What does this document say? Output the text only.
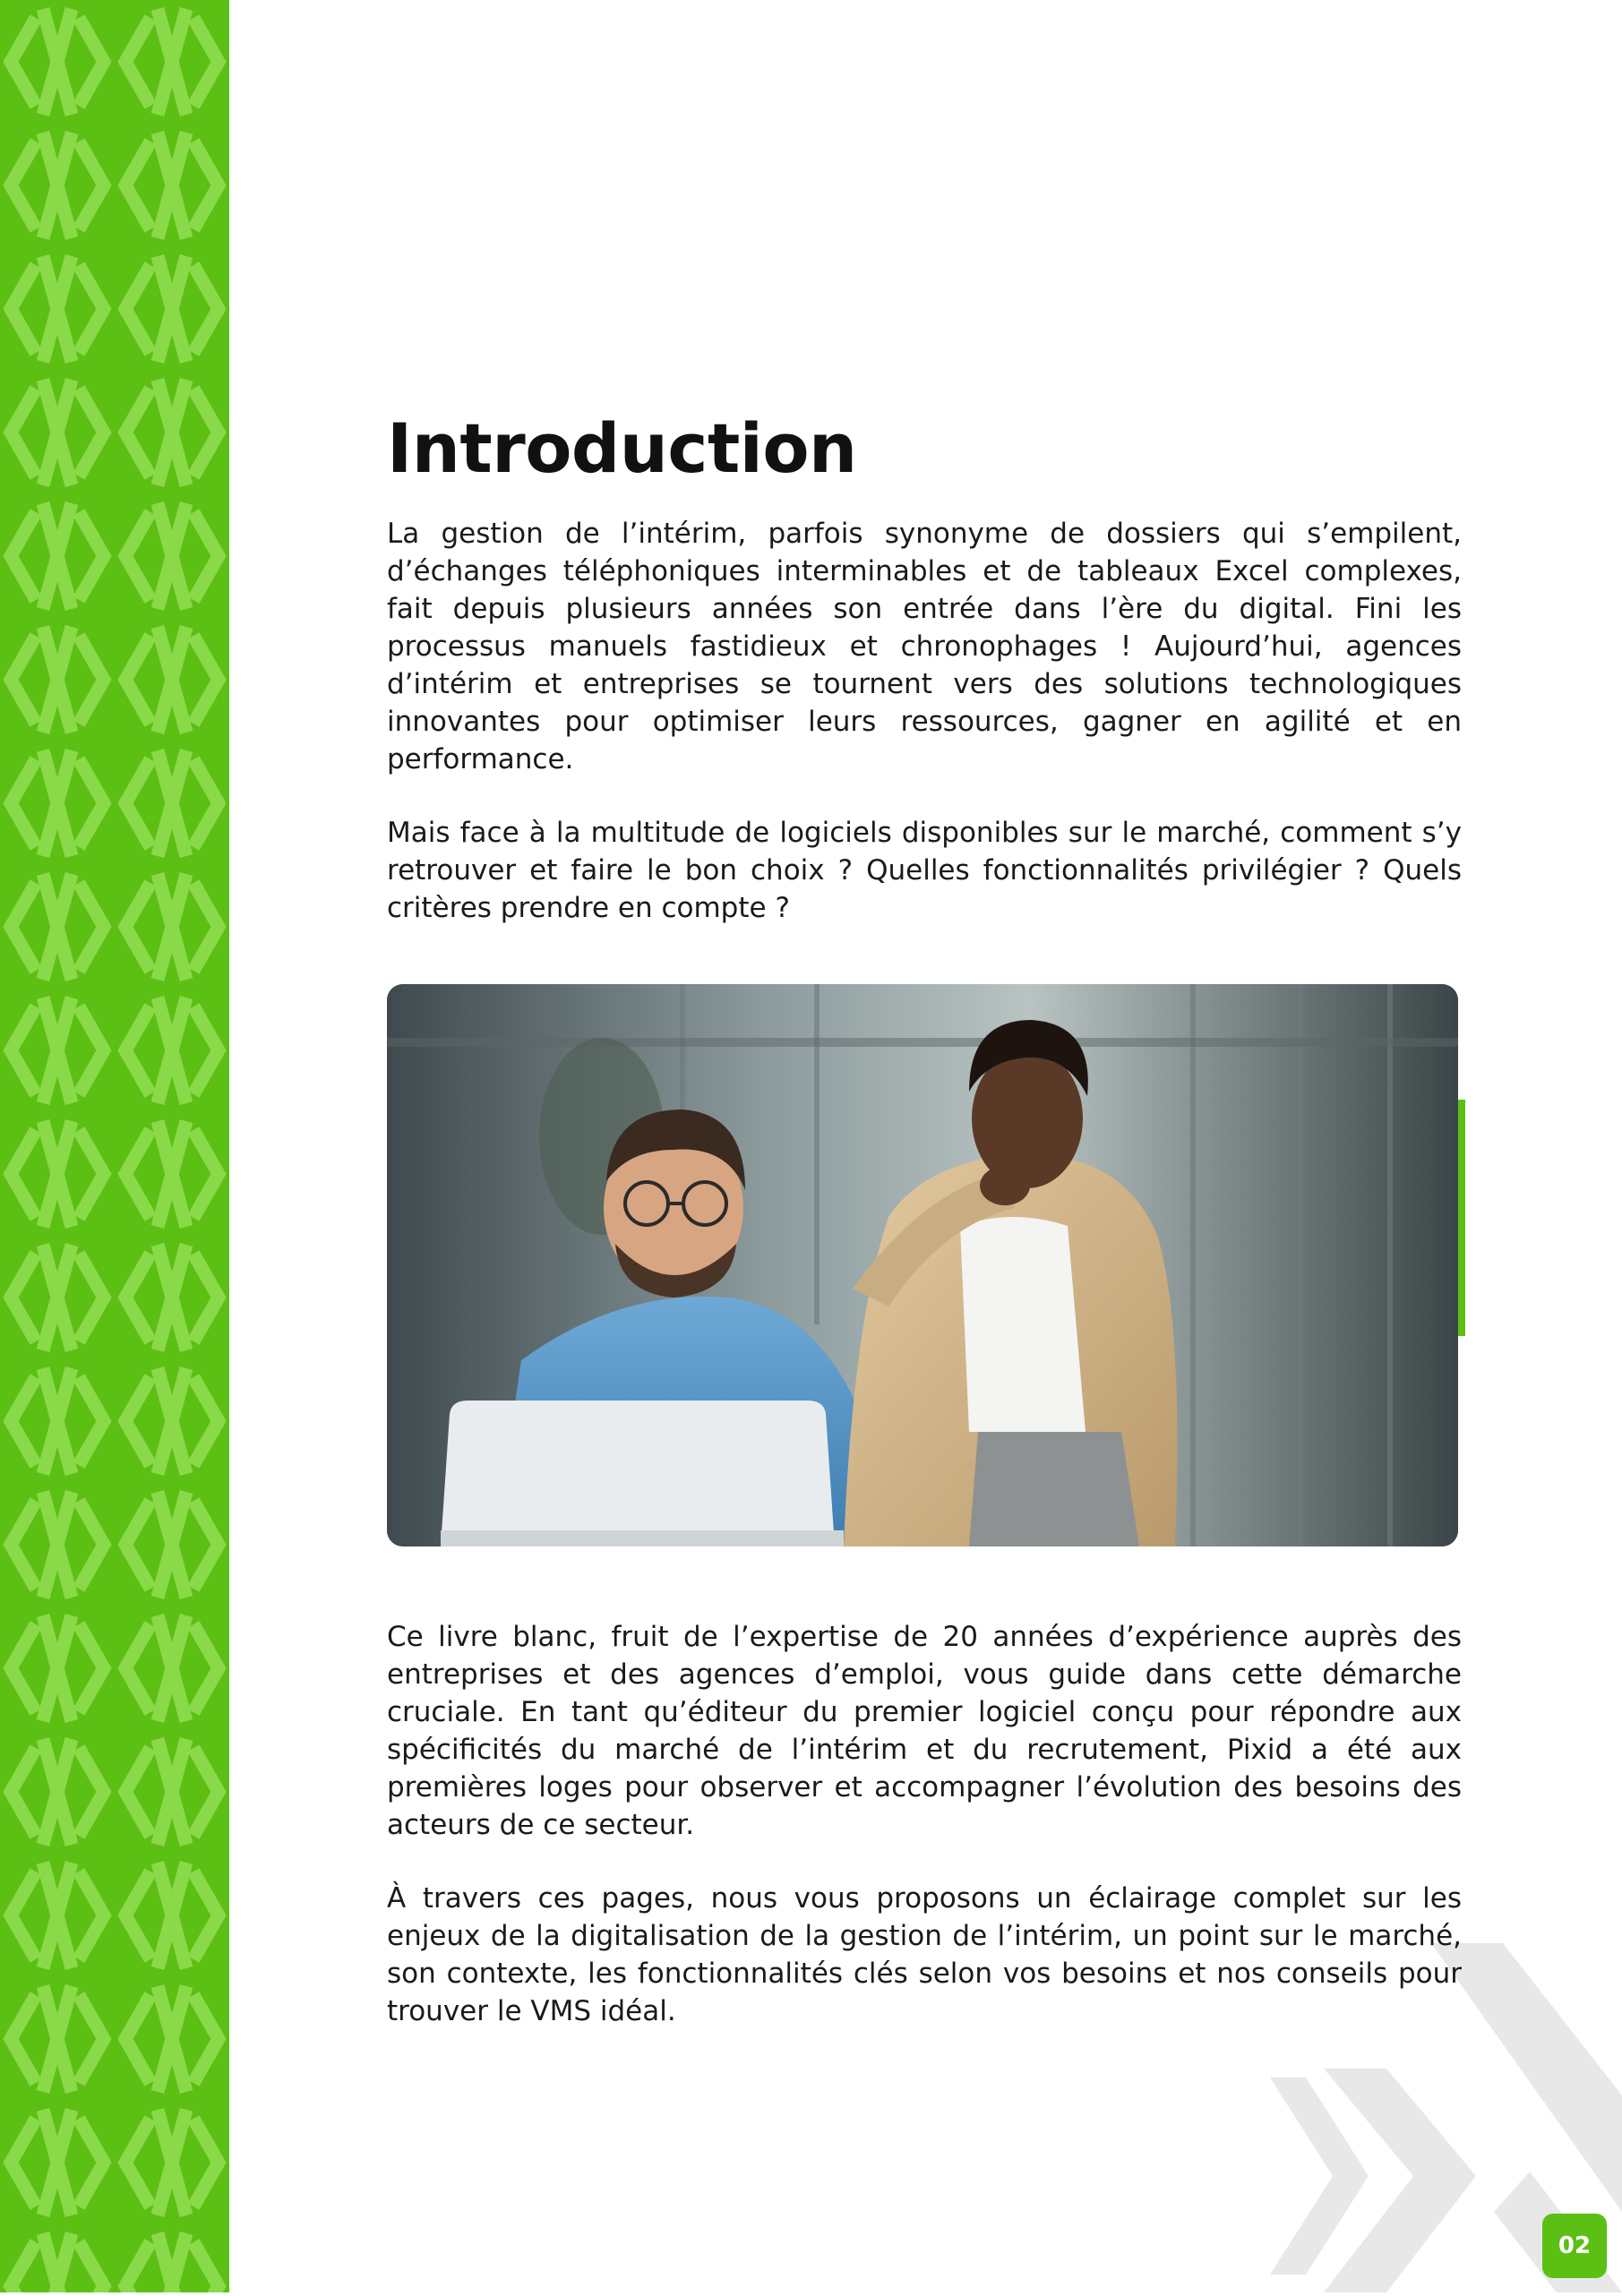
Introduction

La gestion de l’intérim, parfois synonyme de dossiers qui s’empilent, d’échanges téléphoniques interminables et de tableaux Excel complexes, fait depuis plusieurs années son entrée dans l’ère du digital. Fini les processus manuels fastidieux et chronophages ! Aujourd’hui, agences d’intérim et entreprises se tournent vers des solutions technologiques innovantes pour optimiser leurs ressources, gagner en agilité et en performance.

Mais face à la multitude de logiciels disponibles sur le marché, comment s’y retrouver et faire le bon choix ? Quelles fonctionnalités privilégier ? Quels critères prendre en compte ?

Ce livre blanc, fruit de l’expertise de 20 années d’expérience auprès des entreprises et des agences d’emploi, vous guide dans cette démarche cruciale. En tant qu’éditeur du premier logiciel conçu pour répondre aux spécificités du marché de l’intérim et du recrutement, Pixid a été aux premières loges pour observer et accompagner l’évolution des besoins des acteurs de ce secteur.

À travers ces pages, nous vous proposons un éclairage complet sur les enjeux de la digitalisation de la gestion de l’intérim, un point sur le marché, son contexte, les fonctionnalités clés selon vos besoins et nos conseils pour trouver le VMS idéal.

02
